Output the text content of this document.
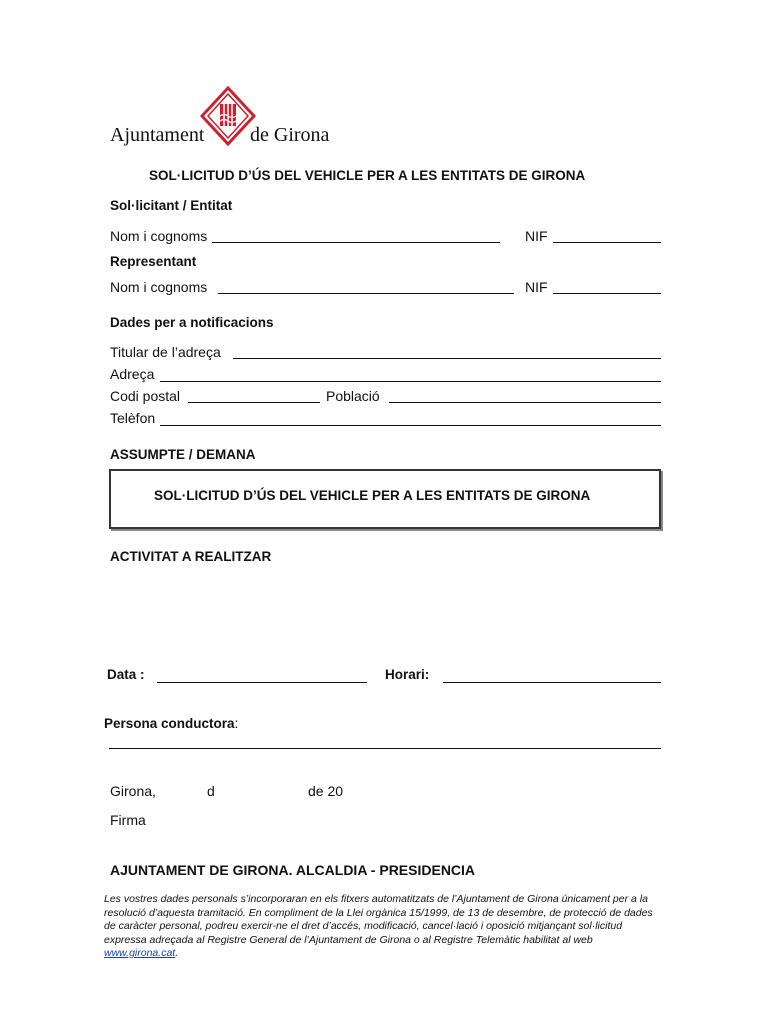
Ajuntament de Girona
SOL·LICITUD D’ÚS DEL VEHICLE PER A LES ENTITATS DE GIRONA
Sol·licitant / Entitat
Nom i cognoms	NIF
Representant
Nom i cognoms	NIF
Dades per a notificacions
Titular de l’adreça
Adreça
Codi postal	Població
Telèfon
ASSUMPTE / DEMANA
SOL·LICITUD D’ÚS DEL VEHICLE PER A LES ENTITATS DE GIRONA
ACTIVITAT A REALITZAR
Data :	Horari:
Persona conductora:
Girona,	d	de 20
Firma
AJUNTAMENT DE GIRONA. ALCALDIA - PRESIDENCIA
Les vostres dades personals s’incorporaran en els fitxers automatitzats de l’Ajuntament de Girona únicament per a la resolució d’aquesta tramitació. En compliment de la Llei orgànica 15/1999, de 13 de desembre, de protecció de dades de caràcter personal, podreu exercir-ne el dret d’accés, modificació, cancel·lació i oposició mitjançant sol·licitud expressa adreçada al Registre General de l’Ajuntament de Girona o al Registre Telemàtic habilitat al web www.girona.cat.
